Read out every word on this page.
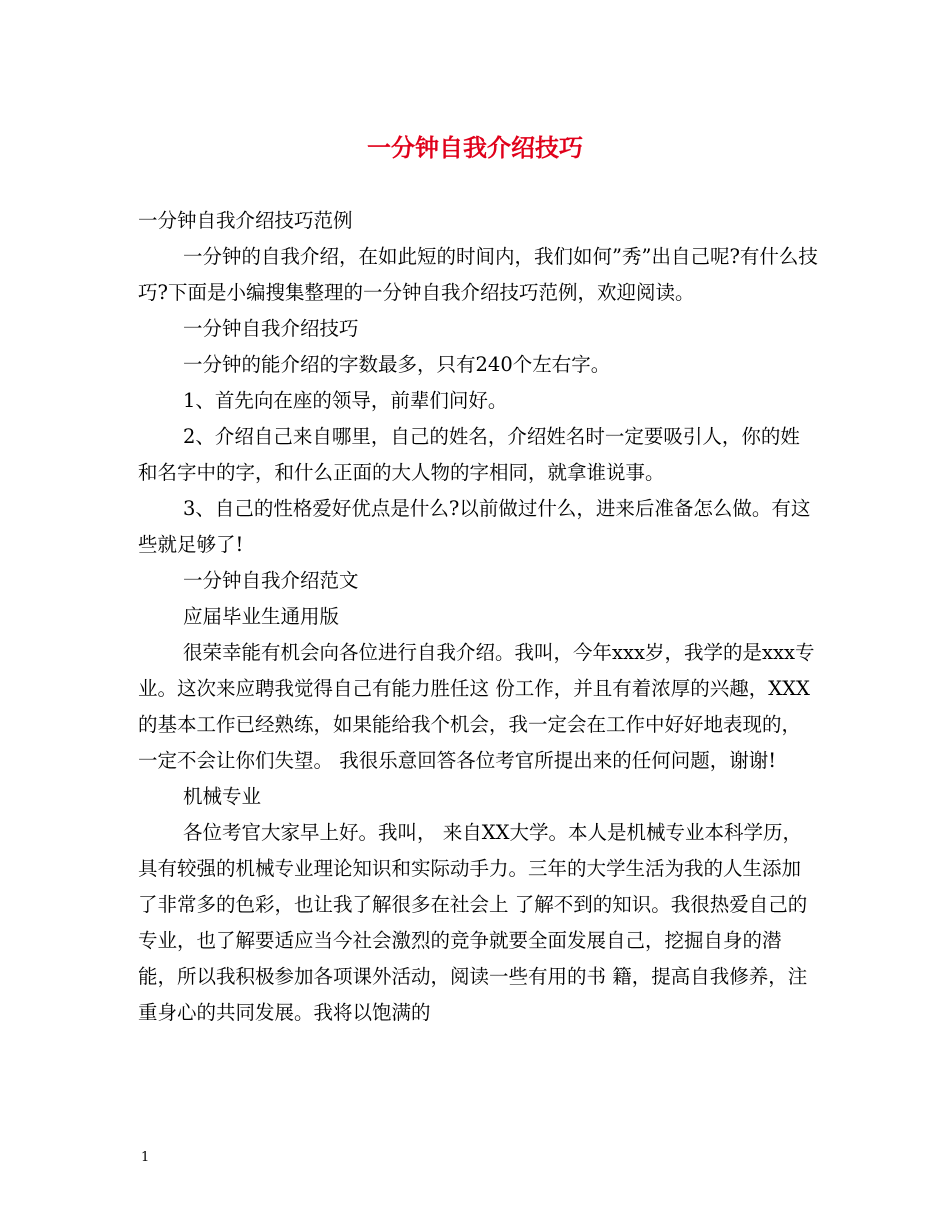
一分钟自我介绍技巧

一分钟自我介绍技巧范例

一分钟的自我介绍，在如此短的时间内，我们如何”秀”出自己呢?有什么技巧?下面是小编搜集整理的一分钟自我介绍技巧范例，欢迎阅读。

一分钟自我介绍技巧

一分钟的能介绍的字数最多，只有240个左右字。

1、首先向在座的领导，前辈们问好。

2、介绍自己来自哪里，自己的姓名，介绍姓名时一定要吸引人，你的姓和名字中的字，和什么正面的大人物的字相同，就拿谁说事。

3、自己的性格爱好优点是什么?以前做过什么，进来后准备怎么做。有这些就足够了!

一分钟自我介绍范文

应届毕业生通用版

很荣幸能有机会向各位进行自我介绍。我叫，今年xxx岁，我学的是xxx专业。这次来应聘我觉得自己有能力胜任这 份工作，并且有着浓厚的兴趣，XXX的基本工作已经熟练，如果能给我个机会，我一定会在工作中好好地表现的，一定不会让你们失望。 我很乐意回答各位考官所提出来的任何问题，谢谢!

机械专业

各位考官大家早上好。我叫， 来自XX大学。本人是机械专业本科学历，具有较强的机械专业理论知识和实际动手力。三年的大学生活为我的人生添加了非常多的色彩，也让我了解很多在社会上 了解不到的知识。我很热爱自己的专业，也了解要适应当今社会激烈的竞争就要全面发展自己，挖掘自身的潜能，所以我积极参加各项课外活动，阅读一些有用的书 籍，提高自我修养，注重身心的共同发展。我将以饱满的

1
